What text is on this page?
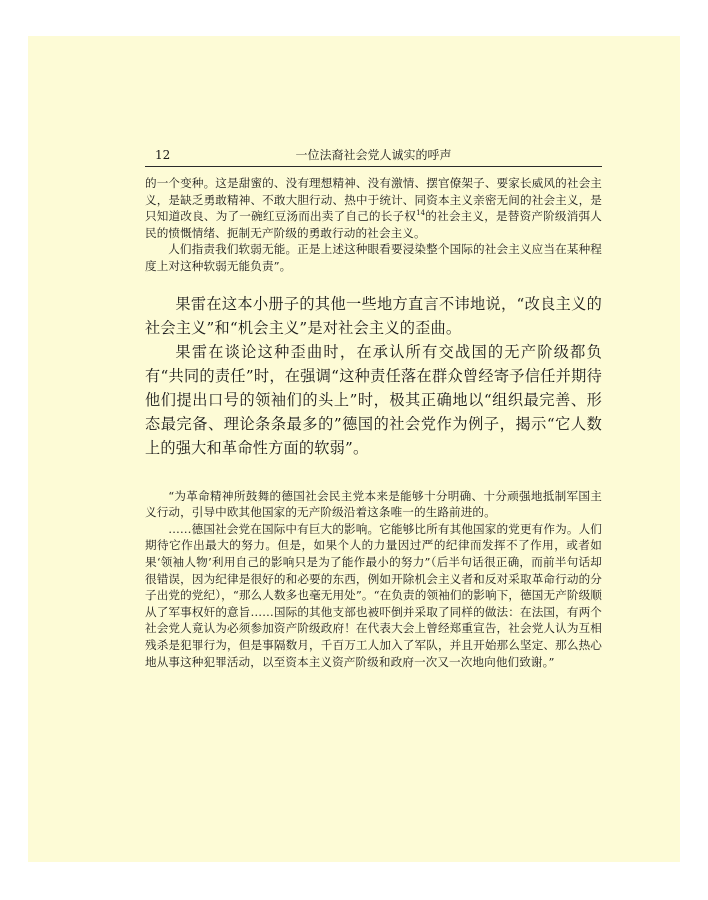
12	一位法裔社会党人诚实的呼声

的一个变种。这是甜蜜的、没有理想精神、没有激情、摆官僚架子、要家长威风的社会主义，是缺乏勇敢精神、不敢大胆行动、热中于统计、同资本主义亲密无间的社会主义，是只知道改良、为了一碗红豆汤而出卖了自己的长子权$^{14}$的社会主义，是替资产阶级消弭人民的愤慨情绪、扼制无产阶级的勇敢行动的社会主义。

人们指责我们软弱无能。正是上述这种眼看要浸染整个国际的社会主义应当在某种程度上对这种软弱无能负责”。

果雷在这本小册子的其他一些地方直言不讳地说，“改良主义的社会主义”和“机会主义”是对社会主义的歪曲。

果雷在谈论这种歪曲时，在承认所有交战国的无产阶级都负有“共同的责任”时，在强调“这种责任落在群众曾经寄予信任并期待他们提出口号的领袖们的头上”时，极其正确地以“组织最完善、形态最完备、理论条条最多的”德国的社会党作为例子，揭示“它人数上的强大和革命性方面的软弱”。

“为革命精神所鼓舞的德国社会民主党本来是能够十分明确、十分顽强地抵制军国主义行动，引导中欧其他国家的无产阶级沿着这条唯一的生路前进的。

……德国社会党在国际中有巨大的影响。它能够比所有其他国家的党更有作为。人们期待它作出最大的努力。但是，如果个人的力量因过严的纪律而发挥不了作用，或者如果‘领袖人物’利用自己的影响只是为了能作最小的努力”（后半句话很正确，而前半句话却很错误，因为纪律是很好的和必要的东西，例如开除机会主义者和反对采取革命行动的分子出党的党纪），“那么人数多也毫无用处”。“在负责的领袖们的影响下，德国无产阶级顺从了军事权奸的意旨……国际的其他支部也被吓倒并采取了同样的做法：在法国，有两个社会党人竟认为必须参加资产阶级政府！在代表大会上曾经郑重宣告，社会党人认为互相残杀是犯罪行为，但是事隔数月，千百万工人加入了军队，并且开始那么坚定、那么热心地从事这种犯罪活动，以至资本主义资产阶级和政府一次又一次地向他们致谢。”
